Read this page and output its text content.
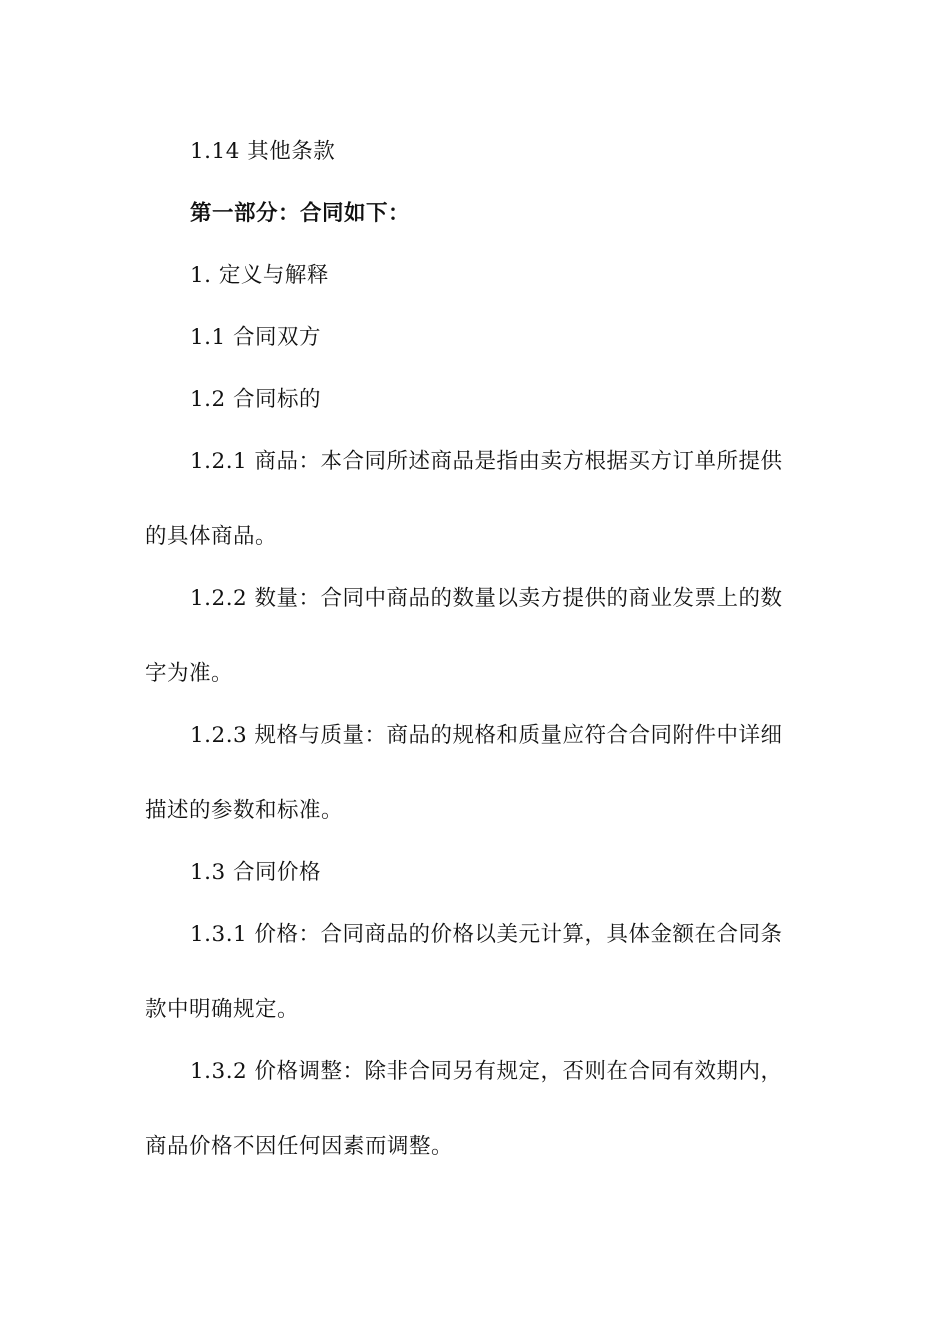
1.14 其他条款
第一部分：合同如下：
1. 定义与解释
1.1 合同双方
1.2 合同标的
1.2.1 商品：本合同所述商品是指由卖方根据买方订单所提供
的具体商品。
1.2.2 数量：合同中商品的数量以卖方提供的商业发票上的数
字为准。
1.2.3 规格与质量：商品的规格和质量应符合合同附件中详细
描述的参数和标准。
1.3 合同价格
1.3.1 价格：合同商品的价格以美元计算，具体金额在合同条
款中明确规定。
1.3.2 价格调整：除非合同另有规定，否则在合同有效期内，
商品价格不因任何因素而调整。
